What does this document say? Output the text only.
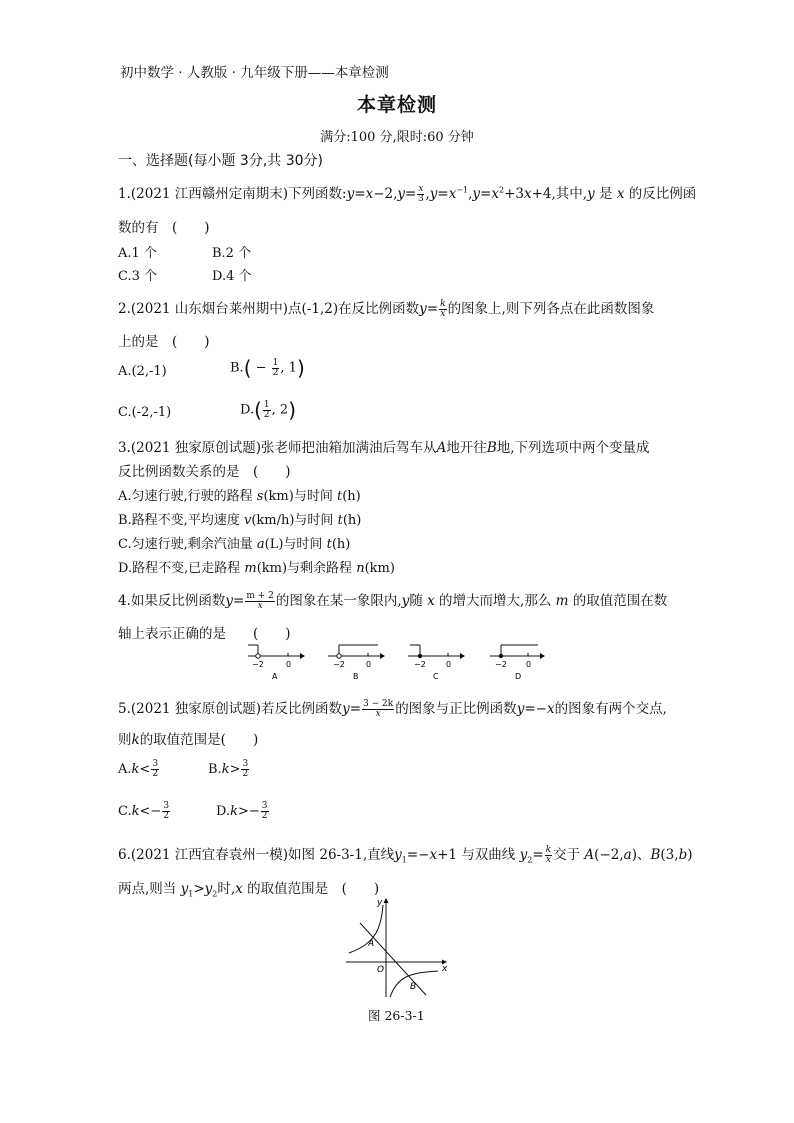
初中数学 · 人教版 · 九年级下册——本章检测
本章检测
满分:100 分,限时:60 分钟
一、选择题(每小题 3分,共 30分)
1.(2021 江西赣州定南期末)下列函数:y=x−2,y= $\frac{x}{3} ,y=x^{-1},y=x^2+3x+4$,其中,y 是 x 的反比例函
数的有　(　　)
A.1 个	B.2 个
C.3 个	D.4 个
2.(2021 山东烟台莱州期中)点(-1,2)在反比例函数$y= \frac{k}{x}$ 的图象上,则下列各点在此函数图象
上的是　(　　)
A.(2,-1)	$B.( - \frac{1}{2}$ , 1)
C.(-2,-1)	$D.( \frac{1}{2}$ , 2)
3.(2021 独家原创试题)张老师把油箱加满油后驾车从A地开往B地,下列选项中两个变量成
反比例函数关系的是　(　　)
A.匀速行驶,行驶的路程 s(km)与时间 t(h)
B.路程不变,平均速度 v(km/h)与时间 t(h)
C.匀速行驶,剩余汽油量 a(L)与时间 t(h)
D.路程不变,已走路程 m(km)与剩余路程 n(km)
4.如果反比例函数$y= \frac{m + 2}{x}$ 的图象在某一象限内,y随 x 的增大而增大,那么 m 的取值范围在数
轴上表示正确的是　　(　　)
−2	0
A
−2	0
B
−2	0
C
−2 0
D
5.(2021 独家原创试题)若反比例函数$y= \frac{3 - 2k}{x}$ 的图象与正比例函数y=−x的图象有两个交点,
则k的取值范围是(　　)
$A.k< \frac{3}{2}$	$B.k> \frac{3}{2}$
$C.k<- \frac{3}{2}$	$D.k>- \frac{3}{2}$
6.(2021 江西宜春袁州一模)如图 26-3-1,直线$y_1=-x+1$ 与双曲线 $y_2= \frac{k}{x}$ 交于 A(−2,a)、B(3,b)
两点,则当 $y_1>y_2$时,x 的取值范围是　(　　)
y
x
O
A
B
图 26-3-1
